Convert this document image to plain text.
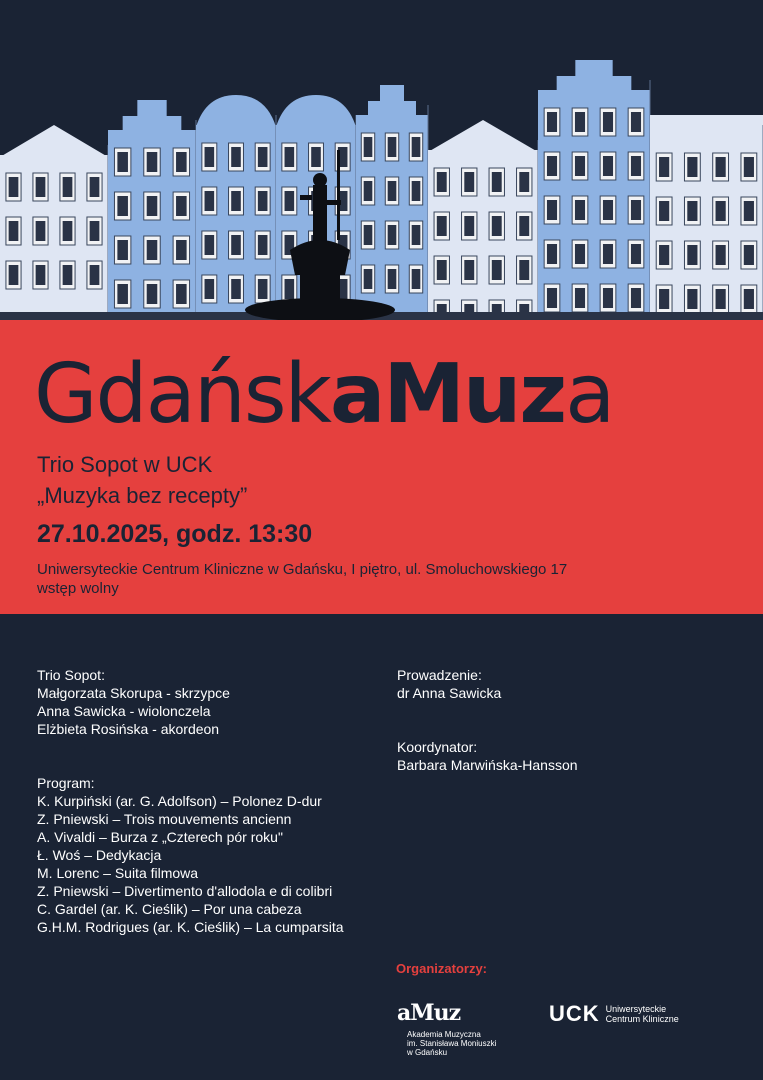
GdańskaMuza
Trio Sopot w UCK
„Muzyka bez recepty”
27.10.2025, godz. 13:30
Uniwersyteckie Centrum Kliniczne w Gdańsku, I piętro, ul. Smoluchowskiego 17
wstęp wolny
Trio Sopot:
Małgorzata Skorupa - skrzypce
Anna Sawicka - wiolonczela
Elżbieta Rosińska - akordeon
Program:
K. Kurpiński (ar. G. Adolfson) – Polonez D-dur
Z. Pniewski – Trois mouvements ancienn
A. Vivaldi – Burza z „Czterech pór roku"
Ł. Woś – Dedykacja
M. Lorenc – Suita filmowa
Z. Pniewski – Divertimento d'allodola e di colibri
C. Gardel (ar. K. Cieślik) – Por una cabeza
G.H.M. Rodrigues (ar. K. Cieślik) – La cumparsita
Prowadzenie:
dr Anna Sawicka
Koordynator:
Barbara Marwińska-Hansson
Organizatorzy:
aMuz
Akademia Muzyczna
im. Stanisława Moniuszki
w Gdańsku
UCK Uniwersyteckie
Centrum Kliniczne
